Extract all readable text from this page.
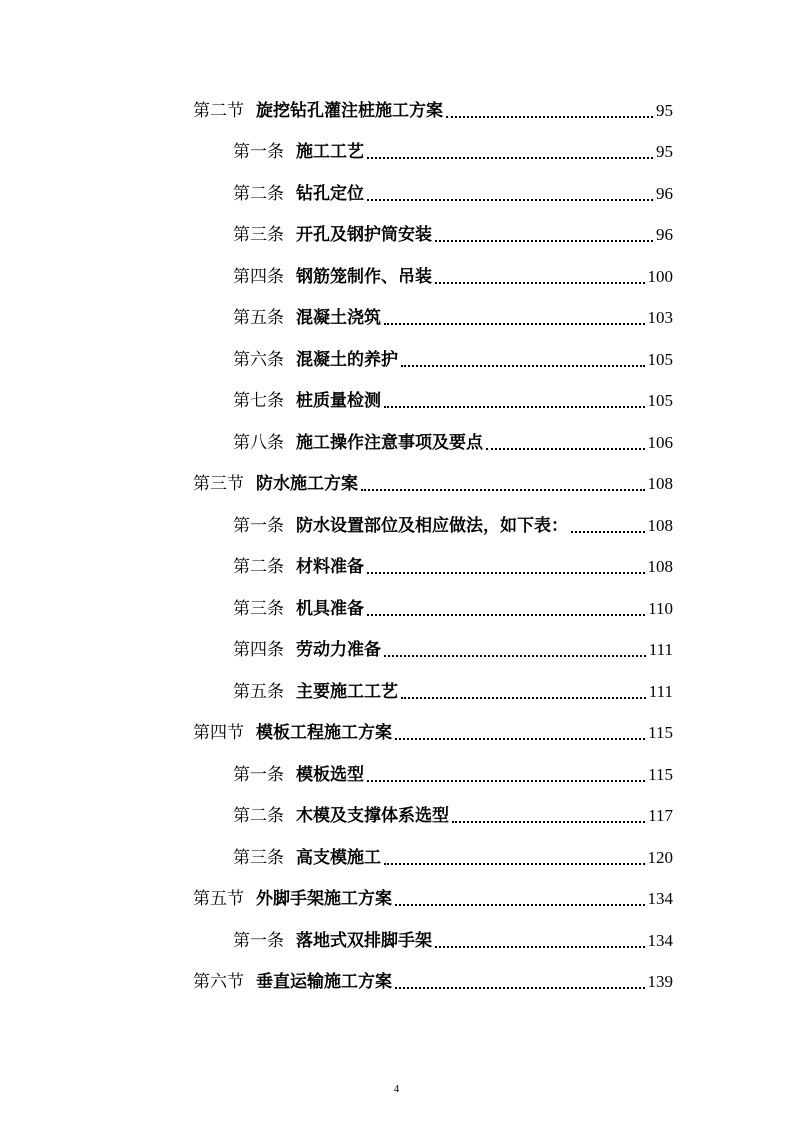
第二节 旋挖钻孔灌注桩施工方案	95
第一条 施工工艺	95
第二条 钻孔定位	96
第三条 开孔及钢护筒安装	96
第四条 钢筋笼制作、吊装	100
第五条 混凝土浇筑	103
第六条 混凝土的养护	105
第七条 桩质量检测	105
第八条 施工操作注意事项及要点	106
第三节 防水施工方案	108
第一条 防水设置部位及相应做法，如下表：	108
第二条 材料准备	108
第三条 机具准备	110
第四条 劳动力准备	111
第五条 主要施工工艺	111
第四节 模板工程施工方案	115
第一条 模板选型	115
第二条 木模及支撑体系选型	117
第三条 高支模施工	120
第五节 外脚手架施工方案	134
第一条 落地式双排脚手架	134
第六节 垂直运输施工方案	139
4
